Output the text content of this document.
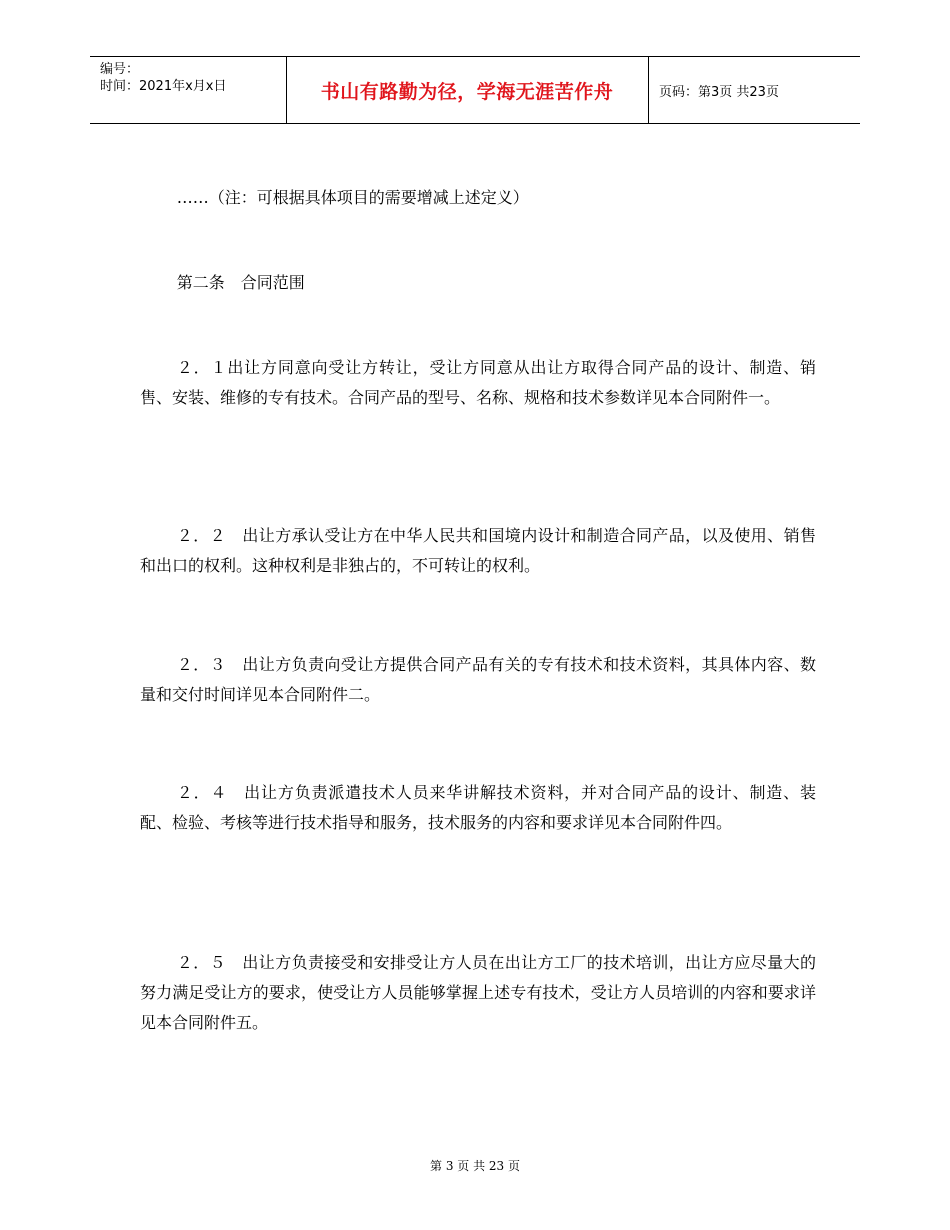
编号：
时间：2021年x月x日	书山有路勤为径，学海无涯苦作舟	页码：第3页 共23页
……（注：可根据具体项目的需要增减上述定义）
第二条　合同范围
２．１出让方同意向受让方转让，受让方同意从出让方取得合同产品的设计、制造、销售、安装、维修的专有技术。合同产品的型号、名称、规格和技术参数详见本合同附件一。
２．２　出让方承认受让方在中华人民共和国境内设计和制造合同产品，以及使用、销售和出口的权利。这种权利是非独占的，不可转让的权利。
２．３　出让方负责向受让方提供合同产品有关的专有技术和技术资料，其具体内容、数量和交付时间详见本合同附件二。
２．４　出让方负责派遣技术人员来华讲解技术资料，并对合同产品的设计、制造、装配、检验、考核等进行技术指导和服务，技术服务的内容和要求详见本合同附件四。
２．５　出让方负责接受和安排受让方人员在出让方工厂的技术培训，出让方应尽量大的努力满足受让方的要求，使受让方人员能够掌握上述专有技术，受让方人员培训的内容和要求详见本合同附件五。
第 3 页 共 23 页
